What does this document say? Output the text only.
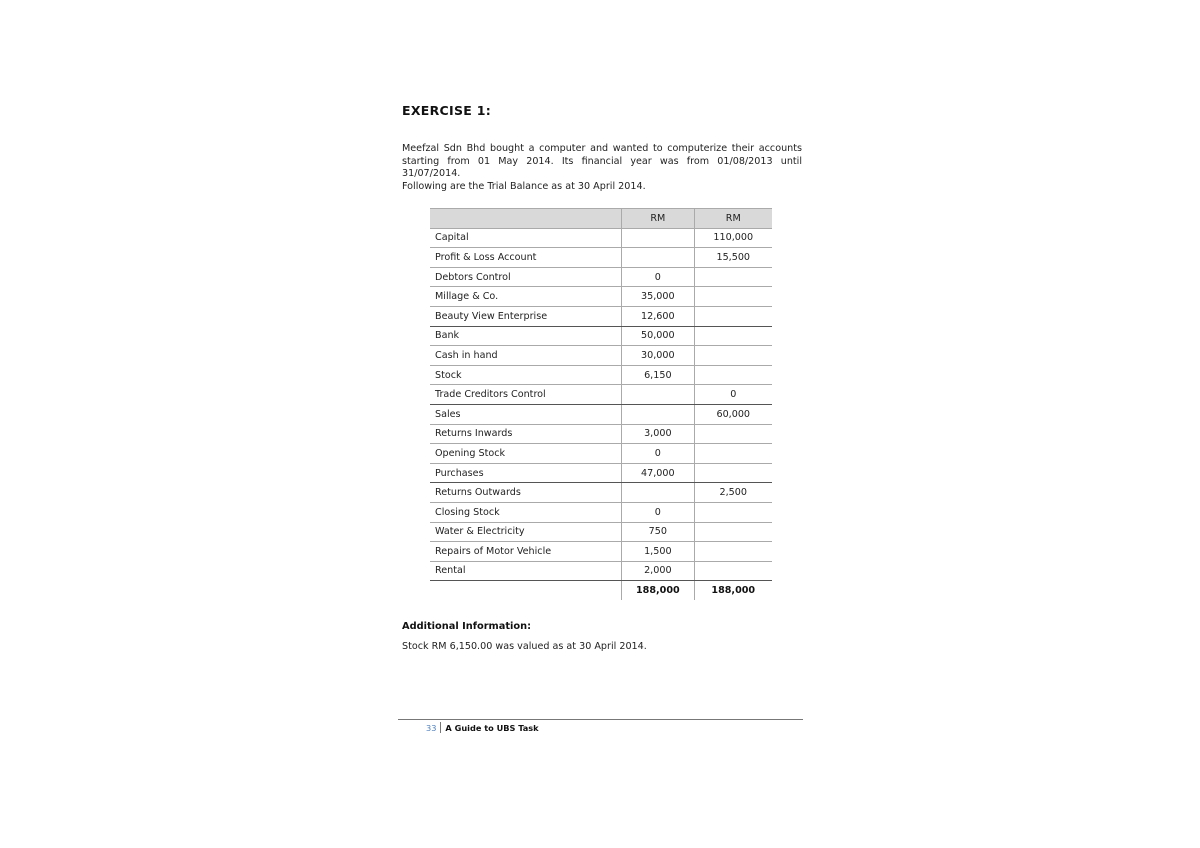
EXERCISE 1:
Meefzal Sdn Bhd bought a computer and wanted to computerize their accounts
starting from 01 May 2014. Its financial year was from 01/08/2013 until 31/07/2014.
Following are the Trial Balance as at 30 April 2014.
	RM	RM
Capital		110,000
Profit & Loss Account		15,500
Debtors Control	0	
Millage & Co.	35,000	
Beauty View Enterprise	12,600	
Bank	50,000	
Cash in hand	30,000	
Stock	6,150	
Trade Creditors Control		0
Sales		60,000
Returns Inwards	3,000	
Opening Stock	0	
Purchases	47,000	
Returns Outwards		2,500
Closing Stock	0	
Water & Electricity	750	
Repairs of Motor Vehicle	1,500	
Rental	2,000	
	188,000	188,000
Additional Information:
Stock RM 6,150.00 was valued as at 30 April 2014.
33	A Guide to UBS Task
